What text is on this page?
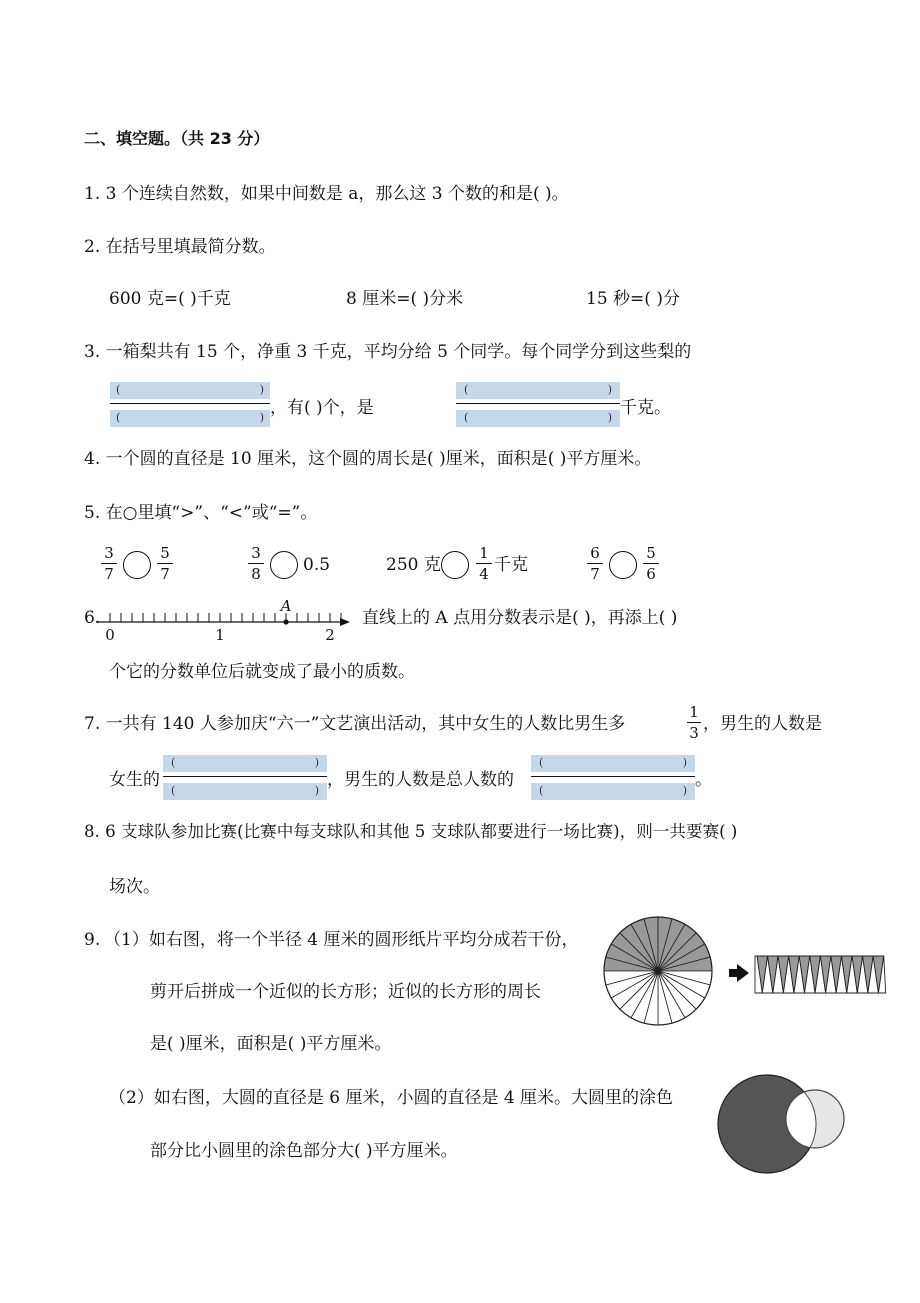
二、填空题。（共 23 分）
1. 3 个连续自然数，如果中间数是 a，那么这 3 个数的和是( )。
2. 在括号里填最简分数。
600 克=( )千克	8 厘米=( )分米	15 秒=( )分
3. 一箱梨共有 15 个，净重 3 千克，平均分给 5 个同学。每个同学分到这些梨的
(	)
(	) ，有( )个，是
(	)
(	) 千克。
4. 一个圆的直径是 10 厘米，这个圆的周长是( )厘米，面积是( )平方厘米。
5. 在○里填“>”、“<”或“=”。
3
7
5
7
3
8 0.5	250 克
1
4 千克
6
7
5
6
6.
0	1	2
A
直线上的 A 点用分数表示是( )，再添上( )
个它的分数单位后就变成了最小的质数。
7. 一共有 140 人参加庆“六一”文艺演出活动，其中女生的人数比男生多
1
3 ，男生的人数是
女生的
(	)
(	)
，男生的人数是总人数的
(	)
(	)
。
8. 6 支球队参加比赛(比赛中每支球队和其他 5 支球队都要进行一场比赛)，则一共要赛( )
场次。
9. （1）如右图，将一个半径 4 厘米的圆形纸片平均分成若干份，
剪开后拼成一个近似的长方形；近似的长方形的周长
是( )厘米，面积是( )平方厘米。
（2）如右图，大圆的直径是 6 厘米，小圆的直径是 4 厘米。大圆里的涂色
部分比小圆里的涂色部分大( )平方厘米。
